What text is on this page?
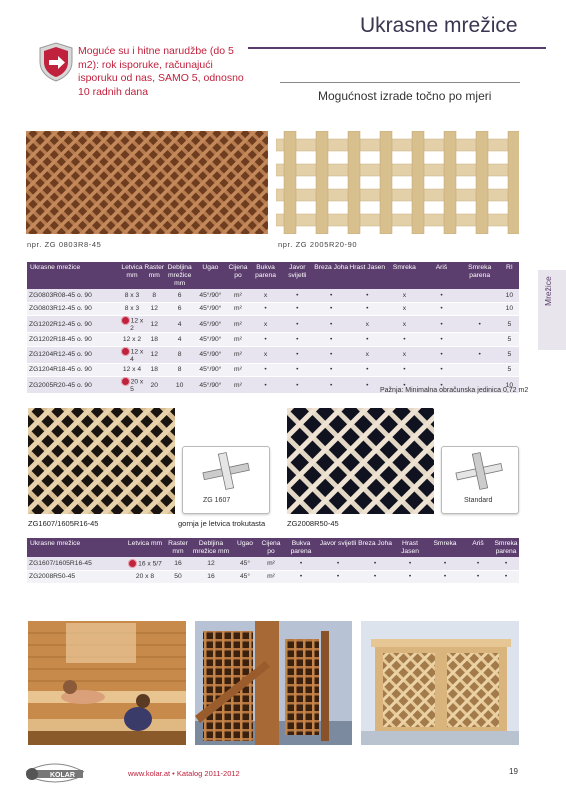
Ukrasne mrežice
Mogućnost izrade točno po mjeri
Moguće su i hitne narudžbe (do 5 m2): rok isporuke, računajući isporuku od nas, SAMO 5, odnosno 10 radnih dana
Mrežice
npr. ZG 0803R8-45	npr. ZG 2005R20-90
Ukrasne mrežice	Letvica mm	Raster mm	Debljina mrežice mm	Ugao	Cijena po	Bukva parena	Javor svijetli	Breza Joha	Hrast Jasen	Smreka	Ariš	Smreka parena	RI
ZG0803R08-45 o. 90	8 x 3	8	6	45°/90°	m²	x	•	•	•	x	•		10
ZG0803R12-45 o. 90	8 x 3	12	6	45°/90°	m²	•	•	•	•	x	•		10
ZG1202R12-45 o. 90	12 x 2	12	4	45°/90°	m²	x	•	•	x	x	•	•	5
ZG1202R18-45 o. 90	12 x 2	18	4	45°/90°	m²	•	•	•	•	•	•		5
ZG1204R12-45 o. 90	12 x 4	12	8	45°/90°	m²	x	•	•	x	x	•	•	5
ZG1204R18-45 o. 90	12 x 4	18	8	45°/90°	m²	•	•	•	•	•	•		5
ZG2005R20-45 o. 90	20 x 5	20	10	45°/90°	m²	•	•	•	•	•	•		10
Pažnja: Minimalna obračunska jedinica 0,72 m2
ZG 1607	Standard
ZG1607/1605R16-45	gornja je letvica trokutasta	ZG2008R50-45
Ukrasne mrežice	Letvica mm	Raster mm	Debljina mrežice mm	Ugao	Cijena po	Bukva parena	Javor svijetli	Breza Joha	Hrast Jasen	Smreka	Ariš	Smreka parena
ZG1607/1605R16-45	16 x 5/7	16	12	45°	m²	•	•	•	•	•	•	•
ZG2008R50-45	20 x 8	50	16	45°	m²	•	•	•	•	•	•	•
KOLAR	www.kolar.at • Katalog 2011-2012	19
